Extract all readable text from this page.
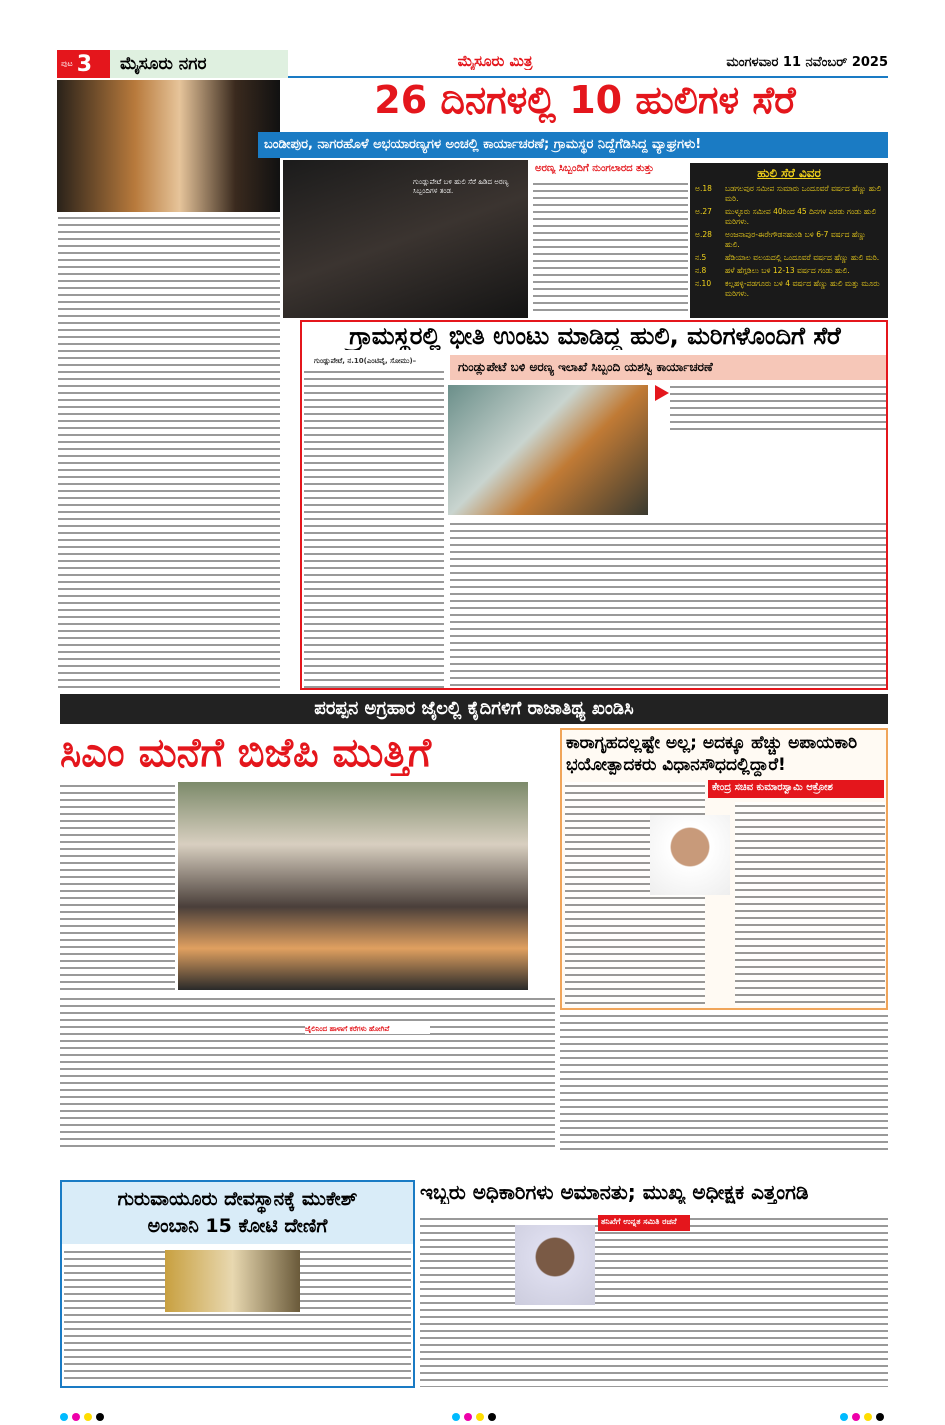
ಪುಟ 3	ಮೈಸೂರು ನಗರ	ಮೈಸೂರು ಮಿತ್ರ	ಮಂಗಳವಾರ 11 ನವೆಂಬರ್ 2025
26 ದಿನಗಳಲ್ಲಿ 10 ಹುಲಿಗಳ ಸೆರೆ
ಬಂಡೀಪುರ, ನಾಗರಹೊಳೆ ಅಭಯಾರಣ್ಯಗಳ ಅಂಚಲ್ಲಿ ಕಾರ್ಯಾಚರಣೆ; ಗ್ರಾಮಸ್ಥರ ನಿದ್ದೆಗೆಡಿಸಿದ್ದ ವ್ಯಾಘ್ರಗಳು!
ಗುಂಡ್ಲುಪೇಟೆ ಬಳಿ ಹುಲಿ ಸೆರೆ ಹಿಡಿದ ಅರಣ್ಯ ಸಿಬ್ಬಂದಿಗಳ ತಂಡ.
ಅರಣ್ಯ ಸಿಬ್ಬಂದಿಗೆ ನುಂಗಲಾರದ ತುತ್ತು	ಹುಲಿ ಸೆರೆ ವಿವರ
ಅ.18	ಬಡಗಲಪುರ ಸಮೀಪ ಸುಮಾರು ಒಂದೂವರೆ ವರ್ಷದ ಹೆಣ್ಣು ಹುಲಿ ಮರಿ.
ಅ.27	ಮುಳ್ಳೂರು ಸಮೀಪ 40ರಿಂದ 45 ದಿನಗಳ ಎರಡು ಗಂಡು ಹುಲಿ ಮರಿಗಳು.
ಅ.28	ಅಂಜನಾಪುರ-ಈರೇಗೌಡನಹುಂಡಿ ಬಳಿ 6-7 ವರ್ಷದ ಹೆಣ್ಣು ಹುಲಿ.
ನ.5	ಹೆಡಿಯಾಲ ವಲಯದಲ್ಲಿ ಒಂದೂವರೆ ವರ್ಷದ ಹೆಣ್ಣು ಹುಲಿ ಮರಿ.
ನ.8	ಹಳೆ ಹೆಗ್ಗಡಿಲು ಬಳಿ 12-13 ವರ್ಷದ ಗಂಡು ಹುಲಿ.
ನ.10	ಕಲ್ಲಹಳ್ಳಿ-ಪಡಗೂರು ಬಳಿ 4 ವರ್ಷದ ಹೆಣ್ಣು ಹುಲಿ ಮತ್ತು ಮೂರು ಮರಿಗಳು.
ಗ್ರಾಮಸ್ಥರಲ್ಲಿ ಭೀತಿ ಉಂಟು ಮಾಡಿದ್ದ ಹುಲಿ, ಮರಿಗಳೊಂದಿಗೆ ಸೆರೆ
ಗುಂಡ್ಲುಪೇಟೆ, ನ.10(ಎಂಟಿವೈ, ಸೋಮು)–	ಗುಂಡ್ಲುಪೇಟೆ ಬಳಿ ಅರಣ್ಯ ಇಲಾಖೆ ಸಿಬ್ಬಂದಿ ಯಶಸ್ವಿ ಕಾರ್ಯಾಚರಣೆ
ಪರಪ್ಪನ ಅಗ್ರಹಾರ ಜೈಲಲ್ಲಿ ಕೈದಿಗಳಿಗೆ ರಾಜಾತಿಥ್ಯ ಖಂಡಿಸಿ
ಸಿಎಂ ಮನೆಗೆ ಬಿಜೆಪಿ ಮುತ್ತಿಗೆ
ಜೈಲಿನಿಂದ ಹಾಳಾಗೆ ಕರೆಗಳು ಹೋಗಿವೆ
ಕಾರಾಗೃಹದಲ್ಲಷ್ಟೇ ಅಲ್ಲ; ಅದಕ್ಕೂ ಹೆಚ್ಚು ಅಪಾಯಕಾರಿ ಭಯೋತ್ಪಾದಕರು ವಿಧಾನಸೌಧದಲ್ಲಿದ್ದಾರೆ!
ಕೇಂದ್ರ ಸಚಿವ ಕುಮಾರಸ್ವಾಮಿ ಆಕ್ರೋಶ
ಗುರುವಾಯೂರು ದೇವಸ್ಥಾನಕ್ಕೆ ಮುಕೇಶ್ ಅಂಬಾನಿ 15 ಕೋಟಿ ದೇಣಿಗೆ
ಇಬ್ಬರು ಅಧಿಕಾರಿಗಳು ಅಮಾನತು; ಮುಖ್ಯ ಅಧೀಕ್ಷಕ ಎತ್ತಂಗಡಿ
ತನಿಖೆಗೆ ಉನ್ನತ ಸಮಿತಿ ರಚನೆ
